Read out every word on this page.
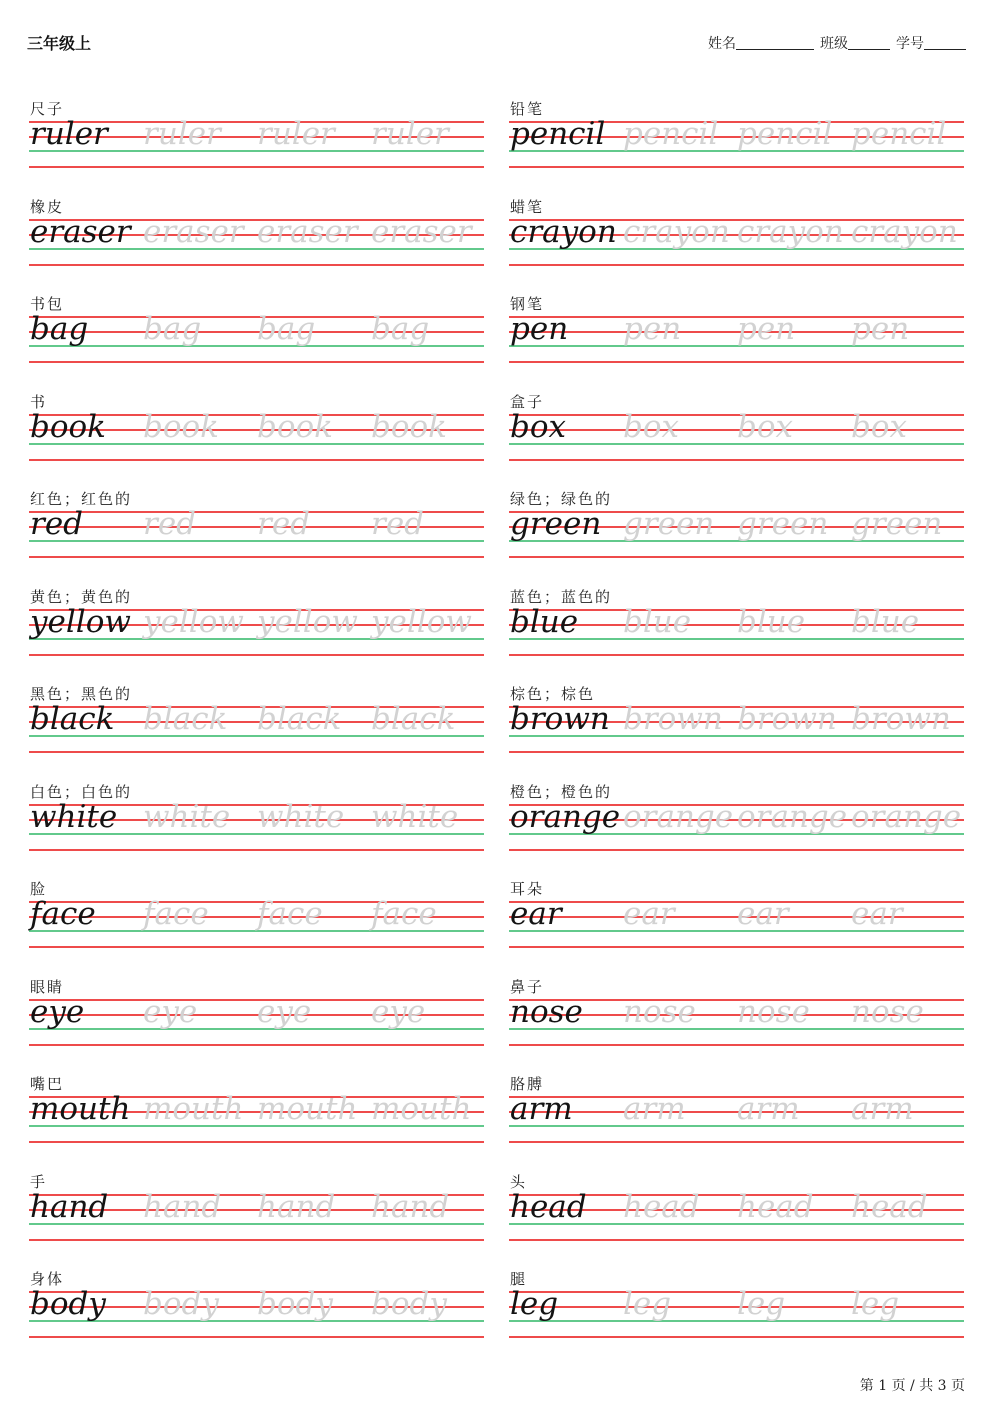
三年级上	姓名	班级	学号
尺子
ruler ruler ruler ruler
铅笔
pencil pencil pencil pencil
橡皮
eraser eraser eraser eraser
蜡笔
crayon crayon crayon crayon
书包
bag bag bag bag
钢笔
pen pen pen pen
书
book book book book
盒子
box box box box
红色；红色的
red red red red
绿色；绿色的
green green green green
黄色；黄色的
yellow yellow yellow yellow
蓝色；蓝色的
blue blue blue blue
黑色；黑色的
black black black black
棕色；棕色
brown brown brown brown
白色；白色的
white white white white
橙色；橙色的
orange orange orange orange
脸
face face face face
耳朵
ear ear ear ear
眼睛
eye eye eye eye
鼻子
nose nose nose nose
嘴巴
mouth mouth mouth mouth
胳膊
arm arm arm arm
手
hand hand hand hand
头
head head head head
身体
body body body body
腿
leg leg leg leg
第 1 页 / 共 3 页
